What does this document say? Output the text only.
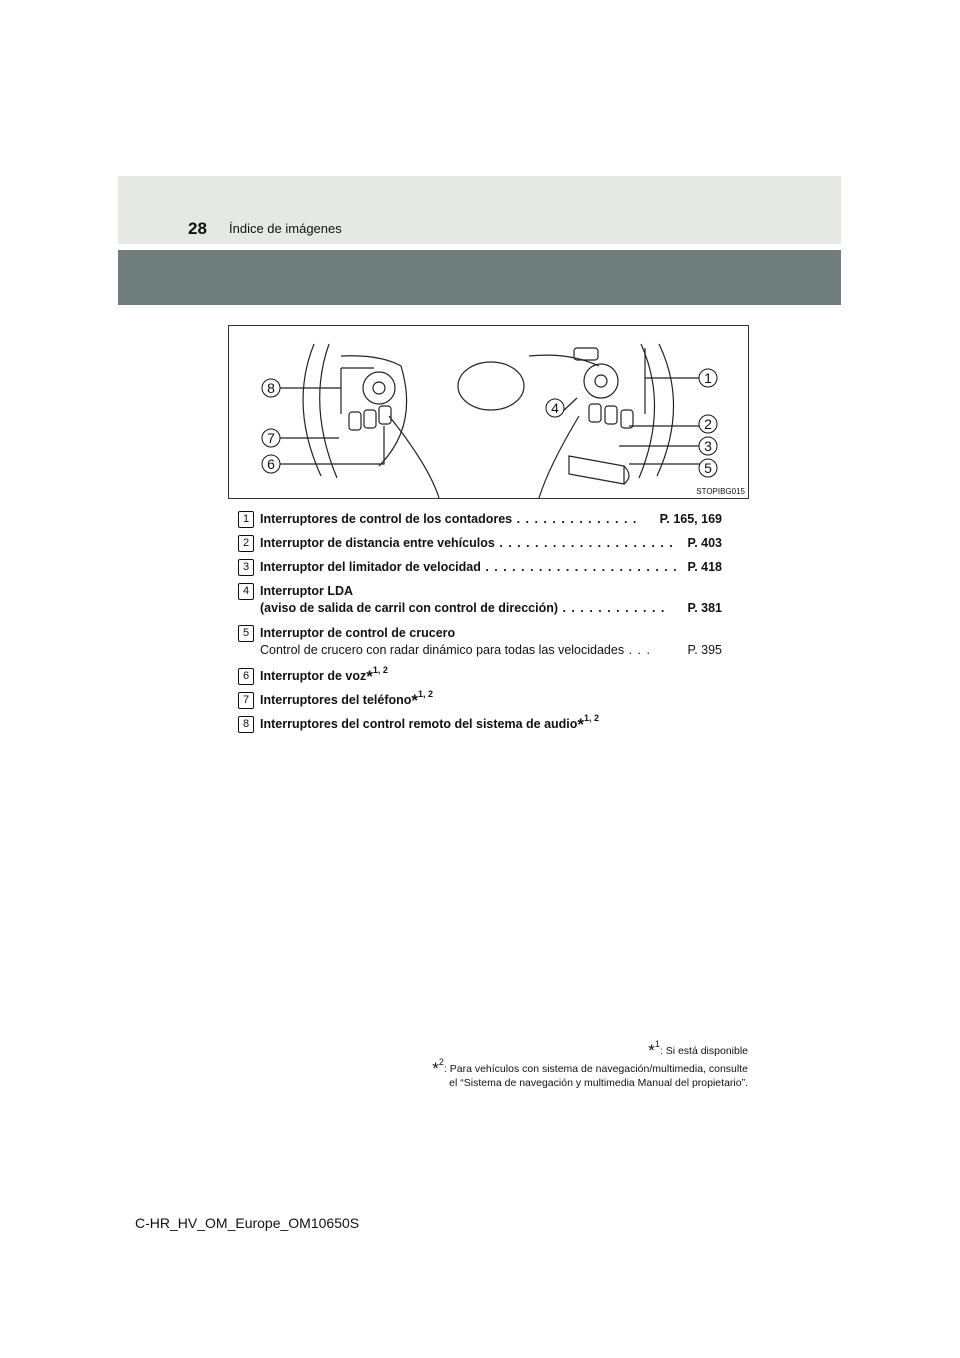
28 Índice de imágenes
8
7
6
4
1
2
3
5
STOPIBG015
1 Interruptores de control de los contadores . . . . . . . . . . . . . . P. 165, 169
2 Interruptor de distancia entre vehículos . . . . . . . . . . . . . . . . . . . . P. 403
3 Interruptor del limitador de velocidad . . . . . . . . . . . . . . . . . . . . . . P. 418
4 Interruptor LDA
(aviso de salida de carril con control de dirección) . . . . . . . . . . . . P. 381
5 Interruptor de control de crucero
Control de crucero con radar dinámico para todas las velocidades . . .	P. 395
6 Interruptor de voz*$^{1, 2}$
7 Interruptores del teléfono*$^{1, 2}$
8 Interruptores del control remoto del sistema de audio*$^{1, 2}$
*$^1$: Si está disponible
*$^2$: Para vehículos con sistema de navegación/multimedia, consulte
el “Sistema de navegación y multimedia Manual del propietario”.
C-HR_HV_OM_Europe_OM10650S
